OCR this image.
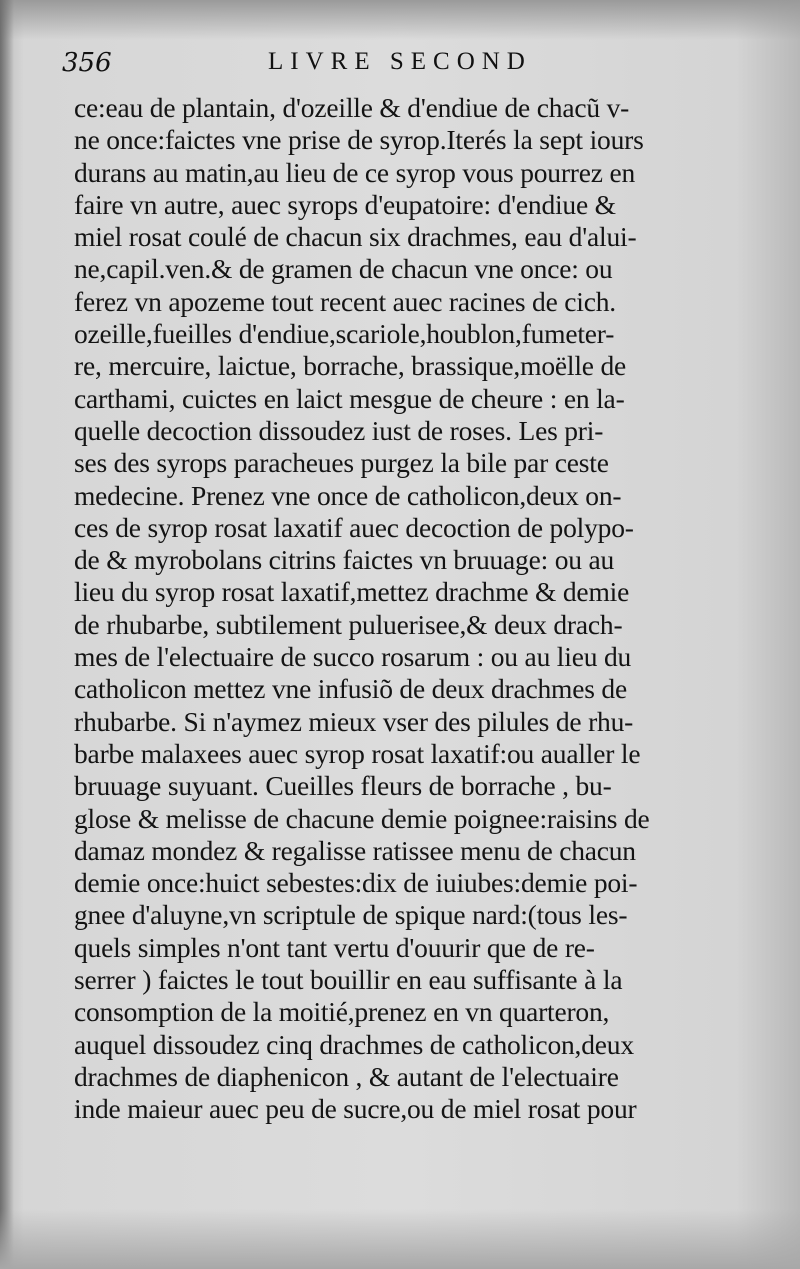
356	LIVRE SECOND
ce:eau de plantain, d'ozeille & d'endiue de chacũ v-
ne once:faictes vne prise de syrop.Iterés la sept iours
durans au matin,au lieu de ce syrop vous pourrez en
faire vn autre, auec syrops d'eupatoire: d'endiue &
miel rosat coulé de chacun six drachmes, eau d'alui-
ne,capil.ven.& de gramen de chacun vne once: ou
ferez vn apozeme tout recent auec racines de cich.
ozeille,fueilles d'endiue,scariole,houblon,fumeter-
re, mercuire, laictue, borrache, brassique,moëlle de
carthami, cuictes en laict mesgue de cheure : en la-
quelle decoction dissoudez iust de roses. Les pri-
ses des syrops paracheues purgez la bile par ceste
medecine. Prenez vne once de catholicon,deux on-
ces de syrop rosat laxatif auec decoction de polypo-
de & myrobolans citrins faictes vn bruuage: ou au
lieu du syrop rosat laxatif,mettez drachme & demie
de rhubarbe, subtilement puluerisee,& deux drach-
mes de l'electuaire de succo rosarum : ou au lieu du
catholicon mettez vne infusiõ de deux drachmes de
rhubarbe. Si n'aymez mieux vser des pilules de rhu-
barbe malaxees auec syrop rosat laxatif:ou aualler le
bruuage suyuant. Cueilles fleurs de borrache , bu-
glose & melisse de chacune demie poignee:raisins de
damaz mondez & regalisse ratissee menu de chacun
demie once:huict sebestes:dix de iuiubes:demie poi-
gnee d'aluyne,vn scriptule de spique nard:(tous les-
quels simples n'ont tant vertu d'ouurir que de re-
serrer ) faictes le tout bouillir en eau suffisante à la
consomption de la moitié,prenez en vn quarteron,
auquel dissoudez cinq drachmes de catholicon,deux
drachmes de diaphenicon , & autant de l'electuaire
inde maieur auec peu de sucre,ou de miel rosat pour
